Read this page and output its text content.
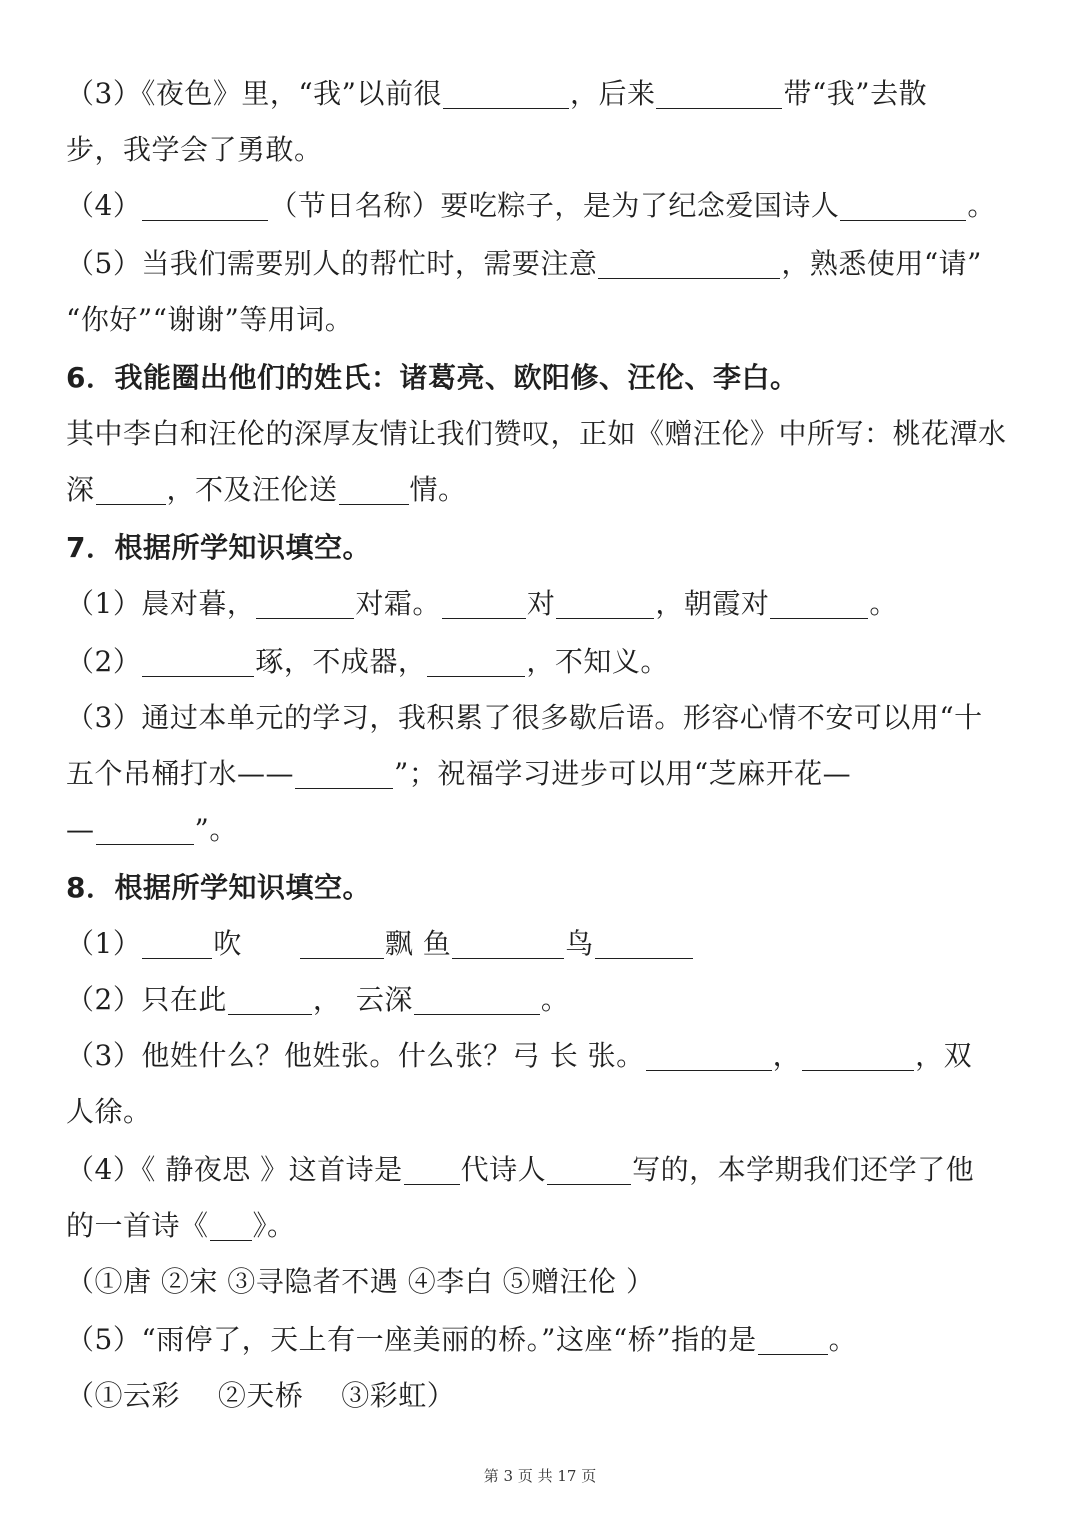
（3）《夜色》里，“我”以前很	，后来	带“我”去散
步，我学会了勇敢。
（4）	（节日名称）要吃粽子，是为了纪念爱国诗人	。
（5）当我们需要别人的帮忙时，需要注意	，熟悉使用“请”
“你好”“谢谢”等用词。
6．我能圈出他们的姓氏：诸葛亮、欧阳修、汪伦、李白。
其中李白和汪伦的深厚友情让我们赞叹，正如《赠汪伦》中所写：桃花潭水
深	，不及汪伦送	情。
7．根据所学知识填空。
（1）晨对暮，	对霜。	对	，朝霞对	。
（2）	琢，不成器，	，不知义。
（3）通过本单元的学习，我积累了很多歇后语。形容心情不安可以用“十
五个吊桶打水——	”；祝福学习进步可以用“芝麻开花—
—	”。
8．根据所学知识填空。
（1）	吹　　	飘 鱼	鸟
（2）只在此	，　云深	。
（3）他姓什么？他姓张。什么张？弓 长 张。	，	，双
人徐。
（4）《 静夜思 》这首诗是 代诗人	写的，本学期我们还学了他
的一首诗《 》。
（①唐 ②宋 ③寻隐者不遇 ④李白 ⑤赠汪伦 ）
（5）“雨停了，天上有一座美丽的桥。”这座“桥”指的是	。
（①云彩　 ②天桥　 ③彩虹）
第 3 页 共 17 页
